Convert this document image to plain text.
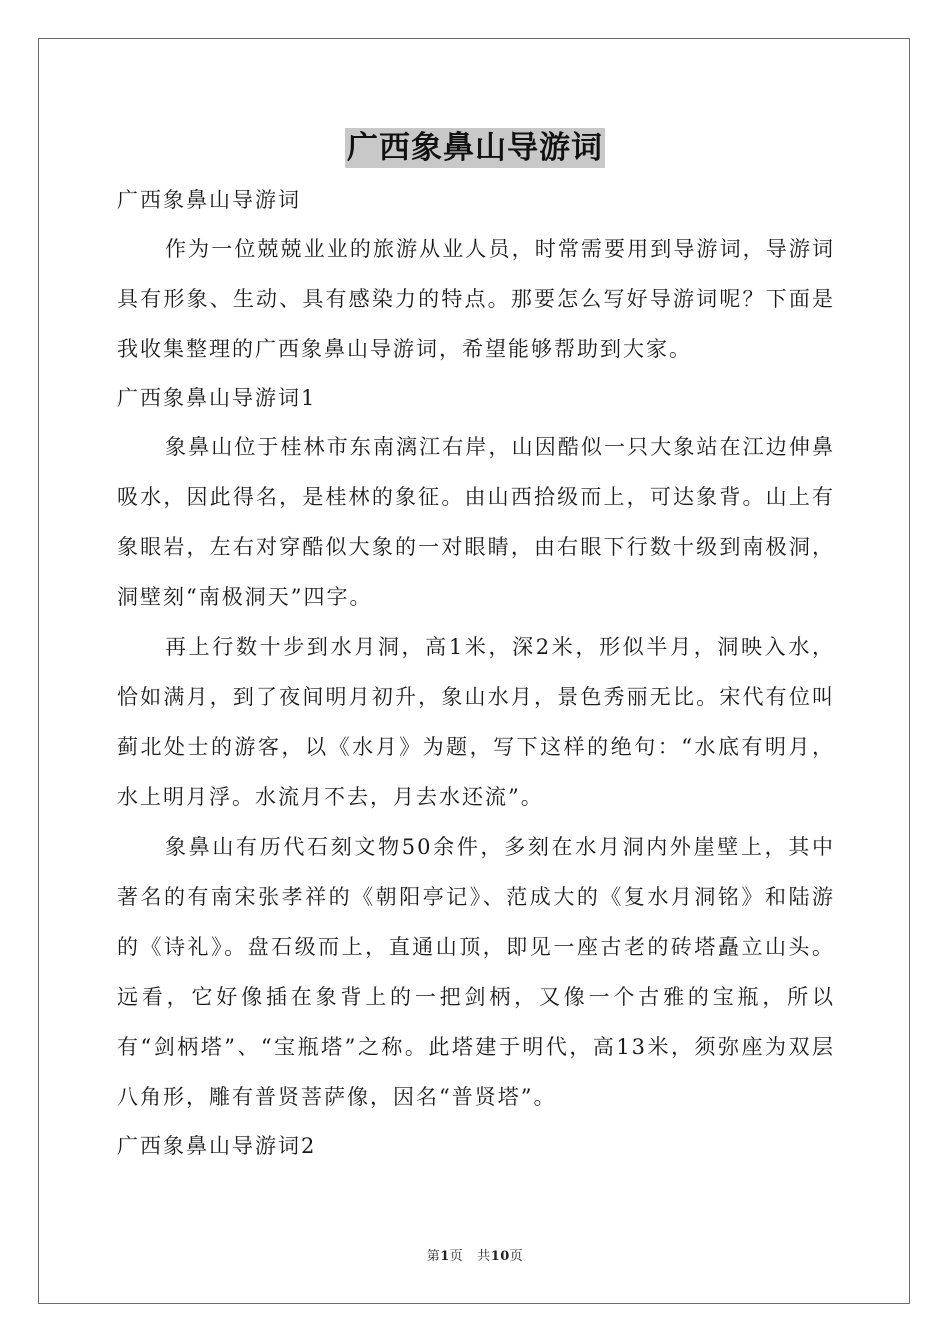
广西象鼻山导游词

广西象鼻山导游词

作为一位兢兢业业的旅游从业人员，时常需要用到导游词，导游词具有形象、生动、具有感染力的特点。那要怎么写好导游词呢？下面是我收集整理的广西象鼻山导游词，希望能够帮助到大家。

广西象鼻山导游词1

象鼻山位于桂林市东南漓江右岸，山因酷似一只大象站在江边伸鼻吸水，因此得名，是桂林的象征。由山西拾级而上，可达象背。山上有象眼岩，左右对穿酷似大象的一对眼睛，由右眼下行数十级到南极洞，洞壁刻“南极洞天”四字。

再上行数十步到水月洞，高1米，深2米，形似半月，洞映入水，恰如满月，到了夜间明月初升，象山水月，景色秀丽无比。宋代有位叫蓟北处士的游客，以《水月》为题，写下这样的绝句：“水底有明月，水上明月浮。水流月不去，月去水还流”。

象鼻山有历代石刻文物50余件，多刻在水月洞内外崖壁上，其中著名的有南宋张孝祥的《朝阳亭记》、范成大的《复水月洞铭》和陆游的《诗礼》。盘石级而上，直通山顶，即见一座古老的砖塔矗立山头。远看，它好像插在象背上的一把剑柄，又像一个古雅的宝瓶，所以有“剑柄塔”、“宝瓶塔”之称。此塔建于明代，高13米，须弥座为双层八角形，雕有普贤菩萨像，因名“普贤塔”。

广西象鼻山导游词2

第1页 共10页
